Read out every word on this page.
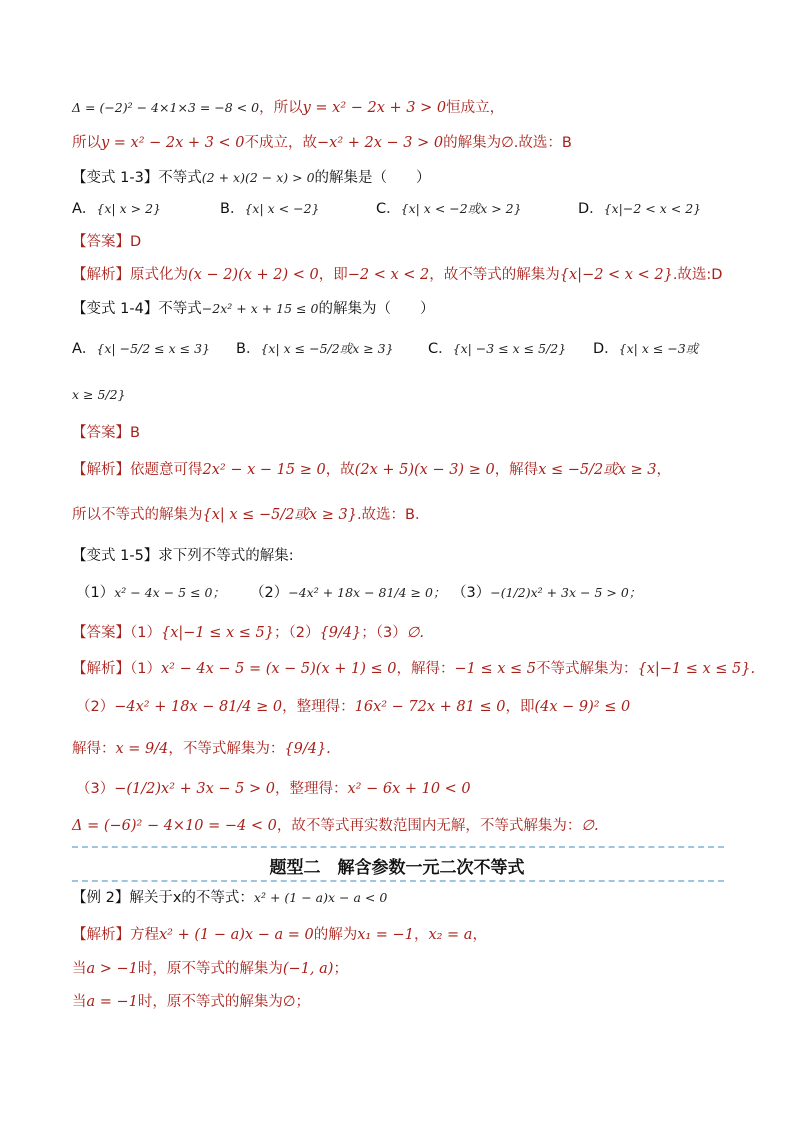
Δ = (−2)² − 4×1×3 = −8 < 0，所以y = x² − 2x + 3 > 0恒成立，
所以y = x² − 2x + 3 < 0不成立，故−x² + 2x − 3 > 0的解集为∅.故选：B
【变式 1-3】不等式(2 + x)(2 − x) > 0的解集是（　　）
A．{x| x > 2}	B．{x| x < −2}	C．{x| x < −2或x > 2}	D．{x|−2 < x < 2}
【答案】D
【解析】原式化为(x − 2)(x + 2) < 0，即−2 < x < 2，故不等式的解集为{x|−2 < x < 2}.故选:D
【变式 1-4】不等式−2x² + x + 15 ≤ 0的解集为（　　）
A．{x| −5/2 ≤ x ≤ 3} B．{x| x ≤ −5/2或x ≥ 3} C．{x| −3 ≤ x ≤ 5/2} D．{x| x ≤ −3或
x ≥ 5/2}
【答案】B
【解析】依题意可得2x² − x − 15 ≥ 0，故(2x + 5)(x − 3) ≥ 0，解得x ≤ −5/2或x ≥ 3，
所以不等式的解集为{x| x ≤ −5/2或x ≥ 3}.故选：B．
【变式 1-5】求下列不等式的解集:
（1）x² − 4x − 5 ≤ 0； （2）−4x² + 18x − 81/4 ≥ 0； （3）−(1/2)x² + 3x − 5 > 0；
【答案】（1）{x|−1 ≤ x ≤ 5}；（2）{9/4}；（3）∅.
【解析】（1）x² − 4x − 5 = (x − 5)(x + 1) ≤ 0，解得：−1 ≤ x ≤ 5不等式解集为：{x|−1 ≤ x ≤ 5}.
（2）−4x² + 18x − 81/4 ≥ 0，整理得：16x² − 72x + 81 ≤ 0，即(4x − 9)² ≤ 0
解得：x = 9/4，不等式解集为：{9/4}.
（3）−(1/2)x² + 3x − 5 > 0，整理得：x² − 6x + 10 < 0
Δ = (−6)² − 4×10 = −4 < 0，故不等式再实数范围内无解，不等式解集为：∅.
题型二　解含参数一元二次不等式
【例 2】解关于x的不等式：x² + (1 − a)x − a < 0
【解析】方程x² + (1 − a)x − a = 0的解为x₁ = −1，x₂ = a，
当a > −1时，原不等式的解集为(−1, a)；
当a = −1时，原不等式的解集为∅；
